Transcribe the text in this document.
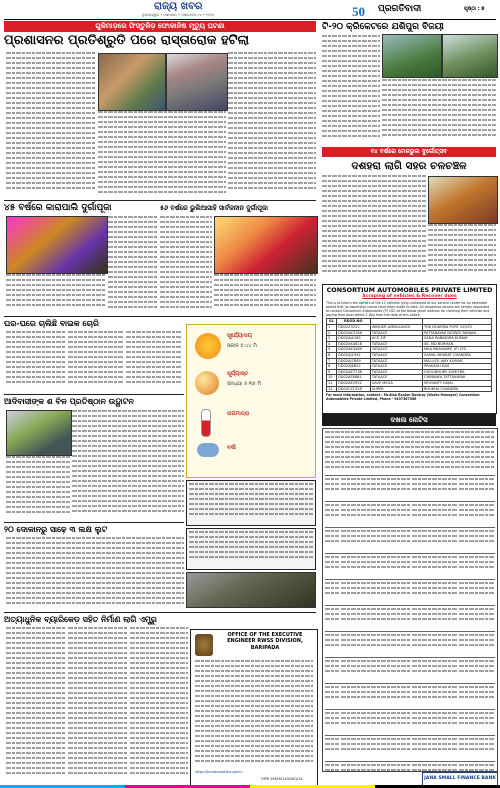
ରାଜ୍ୟ ଖବର
ଭୁବନେଶ୍ୱର • ସୋମବାର • ଅକ୍ଟୋବର ୧୪ • ୨୦୨୪	50	ପ୍ରଗତିବାଦୀ	ପୃଷ୍ଠା : ୭
ଗୁଳିମାଡ଼ରେ ଫିସ୍ତୁଳିଡ଼ ଫୋକାନିଷ ମୃତ୍ୟୁ ଘଟଣା
ପ୍ରଶାସନର ପ୍ରତିଶ୍ରୁତି ପରେ ରାସ୍ତାରୋକ ହଟିଲା
ଟି-୨୦ କ୍ରିକେଟରେ ଯଶିପୁର ବିଜୟୀ
୧୪ ବର୍ଷରେ ମେଳଭୁଲ ଦୁର୍ଗୋତ୍ସବ
ଦଶହରା ଲାଗି ସହର ଚଳଚଞ୍ଚଳ
୪୫ ବର୍ଷରେ କାରାପାଲି ଦୁର୍ଗାପୂଜା	୫୬ ବର୍ଷରେ ଭୁଲିଆସାହି ସାର୍ବଜନୀନ ଦୁର୍ଗାପୂଜା
CONSORTIUM AUTOMOBILES PRIVATE LIMITED
Scraping of vehicles & Recover dues
This is to inform the owners of the 12 vehicles lying unclaimed at our service center for an extended period that no ownership claims have been made to date. All respective owners are hereby requested to contact Consortium Automobiles (P) LTD, at the below given address for claiming their vehicles and paying their dues within 1 Day from the date of this notice.
SL	REGD.NO		
1	OD02Z3252	WINGER AMBULANCE	THE DHARMA PORT GOLTO
2	OD02AK3766	TATAACE	PATTANAYAK DIGPATI RANJAN
3	OD02AJ4185	ACE ZIP	SANA RABINDRA KUMAR
4	OD02AK4818	TATAACE	SK. MD BURHAN
5	OD02AK3469	TATAACE	MAA BHAVANEE (P) LTD
6	OD02AJ1942	TATAACE	SAMAL BHARAT CHANDRA
7	OD02AJ7849	TATAACE	MALLICK AJAY KUMAR
8	OD02AJ6622	TATAACE	PRAKASH DAS
9	OD02AE7738	TATAACE	CHOUDHURY SUMITRA
10	OD02AF8881	TATAACE	CHINNAYA TATTANAYAK
11	OD02AE2922	SAVE MEGA	MOHANTY KAJAL
12	OD02CY1316	SUPER	BHUKHA CHANDRA
For more information, contact : Mr.Alok Ranjan Routray (Works Manager) Consortium Automobiles Private Limited, Phone - 9437367586
ଘର-ଘରେ ଚାଲିଛି ବାଇକ ଚୋରି
ସୂର୍ଯ୍ୟୋଦୟ
ସକାଳ ୫:୪୪ ମି
ସୂର୍ଯ୍ୟାସ୍ତ
ସନ୍ଧ୍ୟା ୫:୩୫ ମି
ତାପମାତ୍ରା
ବର୍ଷା
ଆଦିବାସୀଙ୍କ ଶ ବିଳ ପ୍ରତିଷ୍ଠାନ ଉଦ୍ଘାଟନ
୨୦ ଦୋକାନରୁ ସାଢ଼େ ୩ ଲକ୍ଷ ଲୁଟ
ଅତ୍ୟାଧୁନିକ ବ୍ୟାରିକେଡ଼ ସହିତ ନିର୍ମାଣ ଲାଗି ଏମ୍ପ୍ରୁ
OFFICE OF THE EXECUTIVE ENGINEER RWSS DIVISION, BARIPADA
https://tendersodisha.gov.in
OIPR 29816/1100001/24
ଦଖଲ ନୋଟିସ
JANA SMALL FINANCE BANK
